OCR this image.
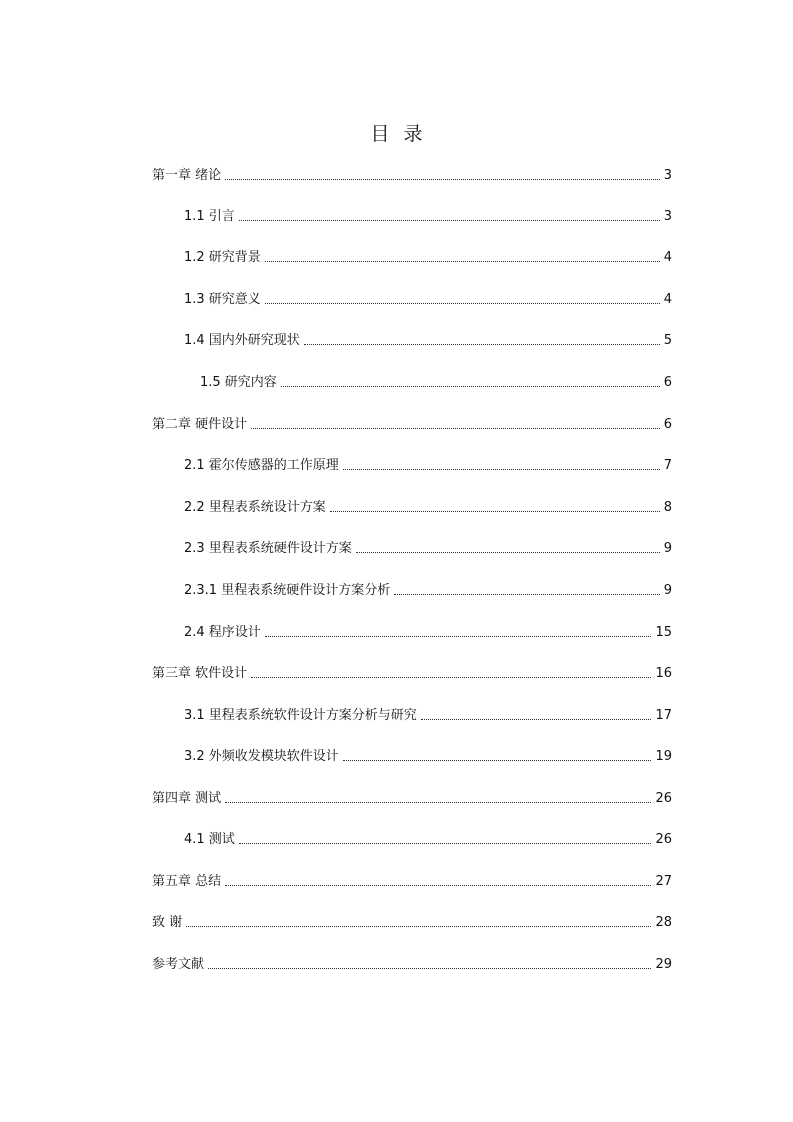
目 录
第一章 绪论	3
1.1 引言	3
1.2 研究背景	4
1.3 研究意义	4
1.4 国内外研究现状	5
1.5 研究内容	6
第二章 硬件设计	6
2.1 霍尔传感器的工作原理	7
2.2 里程表系统设计方案	8
2.3 里程表系统硬件设计方案	9
2.3.1 里程表系统硬件设计方案分析	9
2.4 程序设计	15
第三章 软件设计	16
3.1 里程表系统软件设计方案分析与研究	17
3.2 外频收发模块软件设计	19
第四章 测试	26
4.1 测试	26
第五章 总结	27
致 谢	28
参考文献	29
